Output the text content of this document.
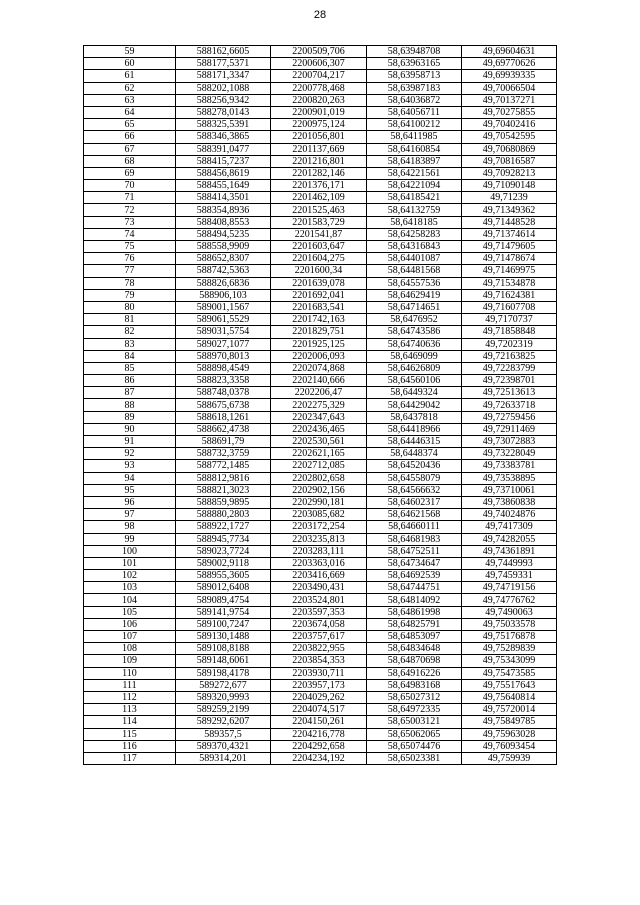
28
59	588162,6605	2200509,706	58,63948708	49,69604631
60	588177,5371	2200606,307	58,63963165	49,69770626
61	588171,3347	2200704,217	58,63958713	49,69939335
62	588202,1088	2200778,468	58,63987183	49,70066504
63	588256,9342	2200820,263	58,64036872	49,70137271
64	588278,0143	2200901,019	58,64056711	49,70275855
65	588325,5391	2200975,124	58,64100212	49,70402416
66	588346,3865	2201056,801	58,6411985	49,70542595
67	588391,0477	2201137,669	58,64160854	49,70680869
68	588415,7237	2201216,801	58,64183897	49,70816587
69	588456,8619	2201282,146	58,64221561	49,70928213
70	588455,1649	2201376,171	58,64221094	49,71090148
71	588414,3501	2201462,109	58,64185421	49,71239
72	588354,8936	2201525,463	58,64132759	49,71349362
73	588408,8553	2201583,729	58,6418185	49,71448528
74	588494,5235	2201541,87	58,64258283	49,71374614
75	588558,9909	2201603,647	58,64316843	49,71479605
76	588652,8307	2201604,275	58,64401087	49,71478674
77	588742,5363	2201600,34	58,64481568	49,71469975
78	588826,6836	2201639,078	58,64557536	49,71534878
79	588906,103	2201692,041	58,64629419	49,71624381
80	589001,1567	2201683,541	58,64714651	49,71607708
81	589061,5529	2201742,163	58,6476952	49,7170737
82	589031,5754	2201829,751	58,64743586	49,71858848
83	589027,1077	2201925,125	58,64740636	49,7202319
84	588970,8013	2202006,093	58,6469099	49,72163825
85	588898,4549	2202074,868	58,64626809	49,72283799
86	588823,3358	2202140,666	58,64560106	49,72398701
87	588748,0378	2202206,47	58,6449324	49,72513613
88	588675,6738	2202275,329	58,64429042	49,72633718
89	588618,1261	2202347,643	58,6437818	49,72759456
90	588662,4738	2202436,465	58,64418966	49,72911469
91	588691,79	2202530,561	58,64446315	49,73072883
92	588732,3759	2202621,165	58,6448374	49,73228049
93	588772,1485	2202712,085	58,64520436	49,73383781
94	588812,9816	2202802,658	58,64558079	49,73538895
95	588821,3023	2202902,156	58,64566632	49,73710061
96	588859,9895	2202990,181	58,64602317	49,73860838
97	588880,2803	2203085,682	58,64621568	49,74024876
98	588922,1727	2203172,254	58,64660111	49,7417309
99	588945,7734	2203235,813	58,64681983	49,74282055
100	589023,7724	2203283,111	58,64752511	49,74361891
101	589002,9118	2203363,016	58,64734647	49,7449993
102	588955,3605	2203416,669	58,64692539	49,7459331
103	589012,6408	2203490,431	58,64744751	49,74719156
104	589089,4754	2203524,801	58,64814092	49,74776762
105	589141,9754	2203597,353	58,64861998	49,7490063
106	589100,7247	2203674,058	58,64825791	49,75033578
107	589130,1488	2203757,617	58,64853097	49,75176878
108	589108,8188	2203822,955	58,64834648	49,75289839
109	589148,6061	2203854,353	58,64870698	49,75343099
110	589198,4178	2203930,711	58,64916226	49,75473585
111	589272,677	2203957,173	58,64983168	49,75517643
112	589320,9993	2204029,262	58,65027312	49,75640814
113	589259,2199	2204074,517	58,64972335	49,75720014
114	589292,6207	2204150,261	58,65003121	49,75849785
115	589357,5	2204216,778	58,65062065	49,75963028
116	589370,4321	2204292,658	58,65074476	49,76093454
117	589314,201	2204234,192	58,65023381	49,759939
